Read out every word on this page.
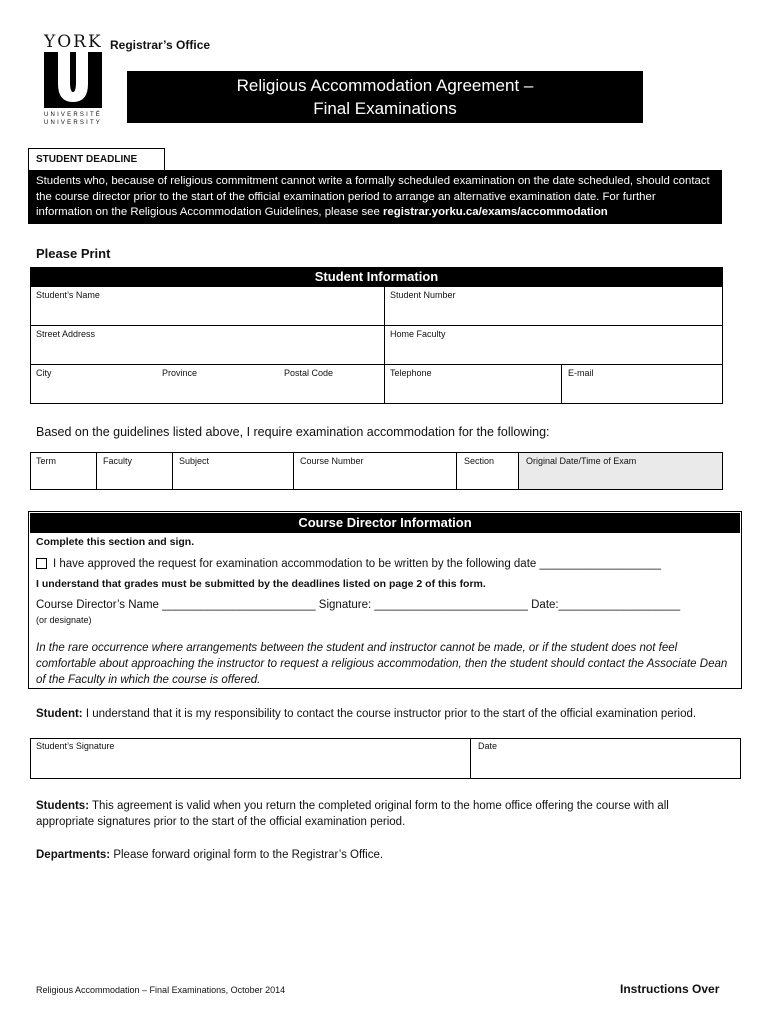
YORK
UNIVERSITÉ
UNIVERSITY
Registrar’s Office
Religious Accommodation Agreement –
Final Examinations
STUDENT DEADLINE
Students who, because of religious commitment cannot write a formally scheduled examination on the date scheduled, should contact the course director prior to the start of the official examination period to arrange an alternative examination date. For further information on the Religious Accommodation Guidelines, please see registrar.yorku.ca/exams/accommodation
Please Print
Student Information
Student’s Name	Student Number
Street Address	Home Faculty
City	Province	Postal Code	Telephone	E-mail
Based on the guidelines listed above, I require examination accommodation for the following:
Term	Faculty	Subject	Course Number	Section	Original Date/Time of Exam
Course Director Information
Complete this section and sign.
I have approved the request for examination accommodation to be written by the following date ___________________
I understand that grades must be submitted by the deadlines listed on page 2 of this form.
Course Director’s Name ________________________ Signature: ________________________ Date:___________________
(or designate)
In the rare occurrence where arrangements between the student and instructor cannot be made, or if the student does not feel comfortable about approaching the instructor to request a religious accommodation, then the student should contact the Associate Dean of the Faculty in which the course is offered.
Student: I understand that it is my responsibility to contact the course instructor prior to the start of the official examination period.
Student’s Signature	Date
Students: This agreement is valid when you return the completed original form to the home office offering the course with all appropriate signatures prior to the start of the official examination period.
Departments: Please forward original form to the Registrar’s Office.
Religious Accommodation – Final Examinations, October 2014	Instructions Over
